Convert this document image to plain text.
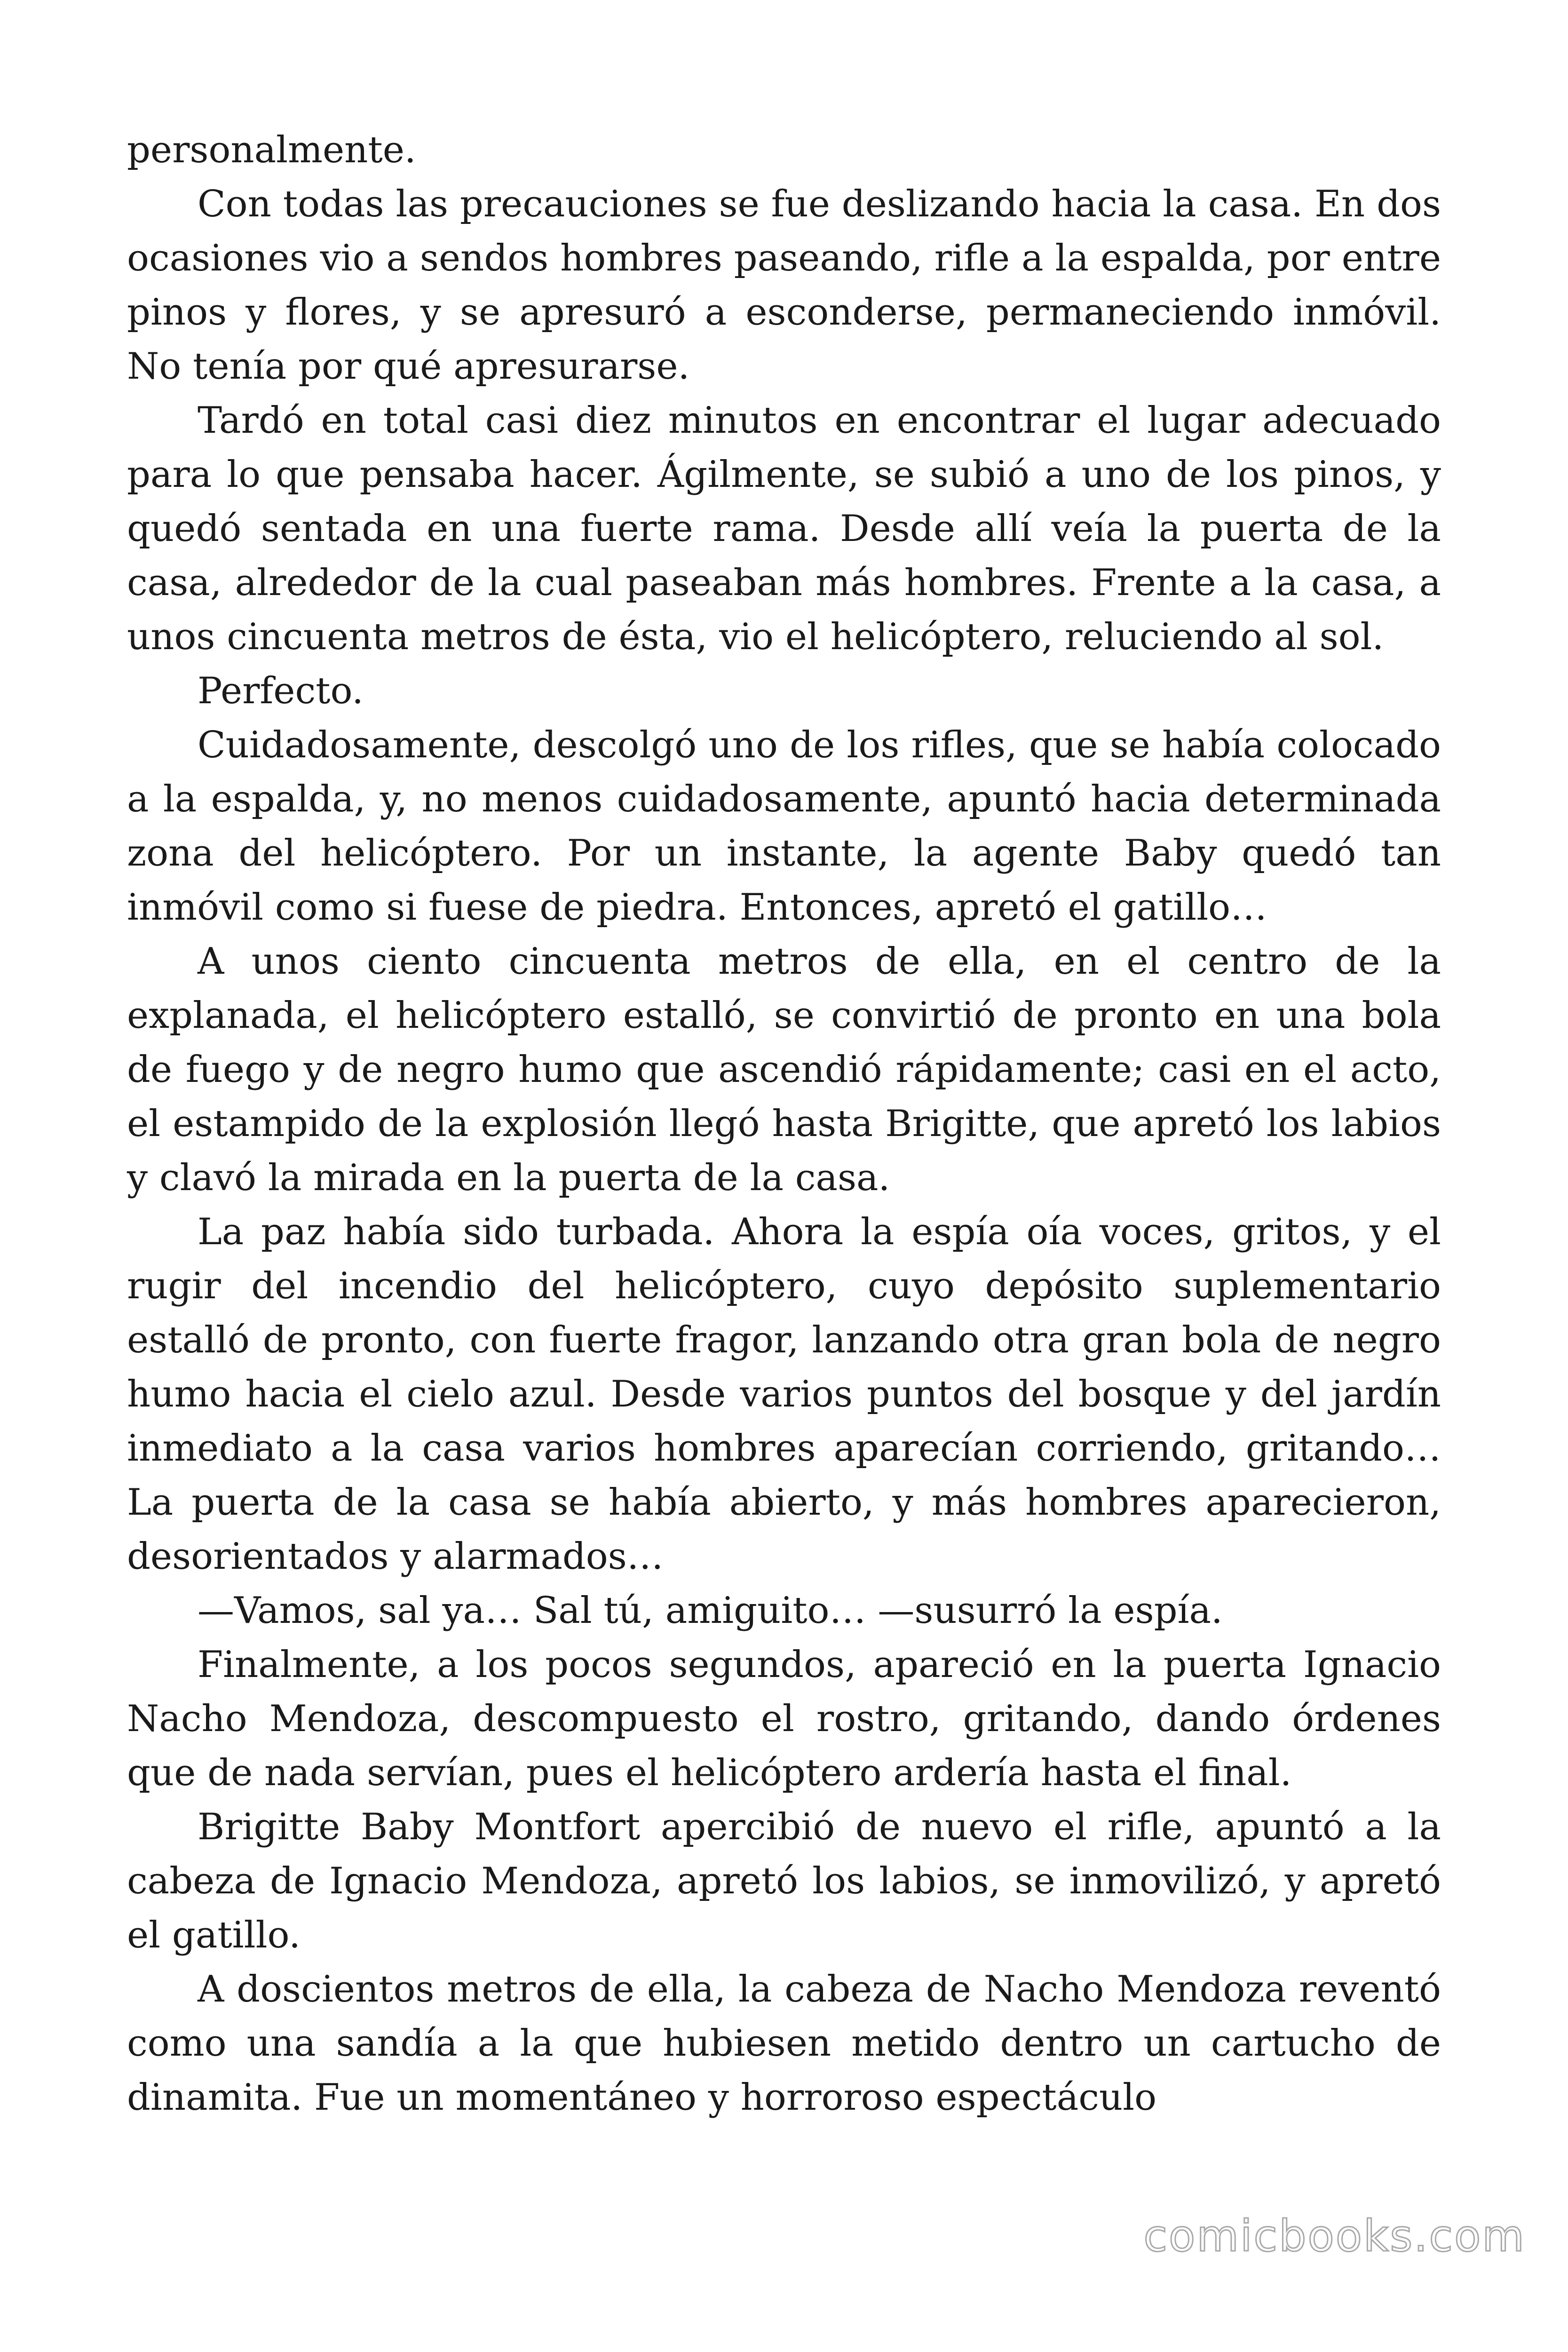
personalmente.

Con todas las precauciones se fue deslizando hacia la casa. En dos ocasiones vio a sendos hombres paseando, rifle a la espalda, por entre pinos y flores, y se apresuró a esconderse, permaneciendo inmóvil. No tenía por qué apresurarse.

Tardó en total casi diez minutos en encontrar el lugar adecuado para lo que pensaba hacer. Ágilmente, se subió a uno de los pinos, y quedó sentada en una fuerte rama. Desde allí veía la puerta de la casa, alrededor de la cual paseaban más hombres. Frente a la casa, a unos cincuenta metros de ésta, vio el helicóptero, reluciendo al sol.

Perfecto.

Cuidadosamente, descolgó uno de los rifles, que se había colocado a la espalda, y, no menos cuidadosamente, apuntó hacia determinada zona del helicóptero. Por un instante, la agente Baby quedó tan inmóvil como si fuese de piedra. Entonces, apretó el gatillo…

A unos ciento cincuenta metros de ella, en el centro de la explanada, el helicóptero estalló, se convirtió de pronto en una bola de fuego y de negro humo que ascendió rápidamente; casi en el acto, el estampido de la explosión llegó hasta Brigitte, que apretó los labios y clavó la mirada en la puerta de la casa.

La paz había sido turbada. Ahora la espía oía voces, gritos, y el rugir del incendio del helicóptero, cuyo depósito suplementario estalló de pronto, con fuerte fragor, lanzando otra gran bola de negro humo hacia el cielo azul. Desde varios puntos del bosque y del jardín inmediato a la casa varios hombres aparecían corriendo, gritando… La puerta de la casa se había abierto, y más hombres aparecieron, desorientados y alarmados…

—Vamos, sal ya… Sal tú, amiguito… —susurró la espía.

Finalmente, a los pocos segundos, apareció en la puerta Ignacio Nacho Mendoza, descompuesto el rostro, gritando, dando órdenes que de nada servían, pues el helicóptero ardería hasta el final.

Brigitte Baby Montfort apercibió de nuevo el rifle, apuntó a la cabeza de Ignacio Mendoza, apretó los labios, se inmovilizó, y apretó el gatillo.

A doscientos metros de ella, la cabeza de Nacho Mendoza reventó como una sandía a la que hubiesen metido dentro un cartucho de dinamita. Fue un momentáneo y horroroso espectáculo

comicbooks.com
